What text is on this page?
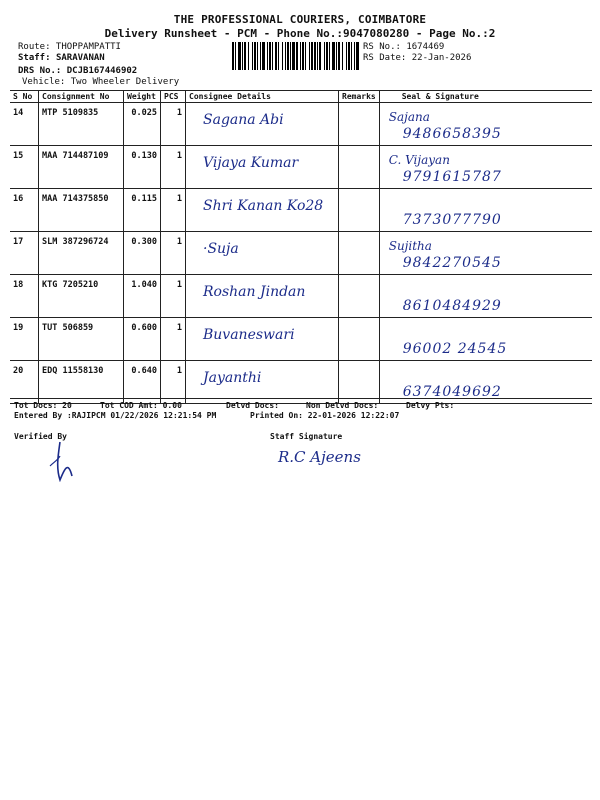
THE PROFESSIONAL COURIERS, COIMBATORE
Delivery Runsheet - PCM - Phone No.:9047080280 - Page No.:2
Route: THOPPAMPATTI
Staff: SARAVANAN
DRS No.: DCJB167446902
Vehicle: Two Wheeler Delivery
RS No.: 1674469
RS Date: 22-Jan-2026
S No	Consignment No	Weight	PCS	Consignee Details	Remarks	Seal & Signature
14	MTP 5109835	0.025	1	Sagana Abi		Sajana
9486658395

15	MAA 714487109	0.130	1	Vijaya Kumar		C. Vijayan
9791615787

16	MAA 714375850	0.115	1	Shri Kanan Ko28		7373077790

17	SLM 387296724	0.300	1	·Suja		Sujitha
9842270545

18	KTG 7205210	1.040	1	Roshan Jindan		8610484929

19	TUT 506859	0.600	1	Buvaneswari		96002 24545

20	EDQ 11558130	0.640	1	Jayanthi		6374049692
Tot Docs: 20	Tot COD Amt: 0.00	Delvd Docs:	Non Delvd Docs:	Delvy Pts:
Entered By :RAJIPCM 01/22/2026 12:21:54 PM	Printed On: 22-01-2026 12:22:07
Verified By	Staff Signature
R.C Ajeens
